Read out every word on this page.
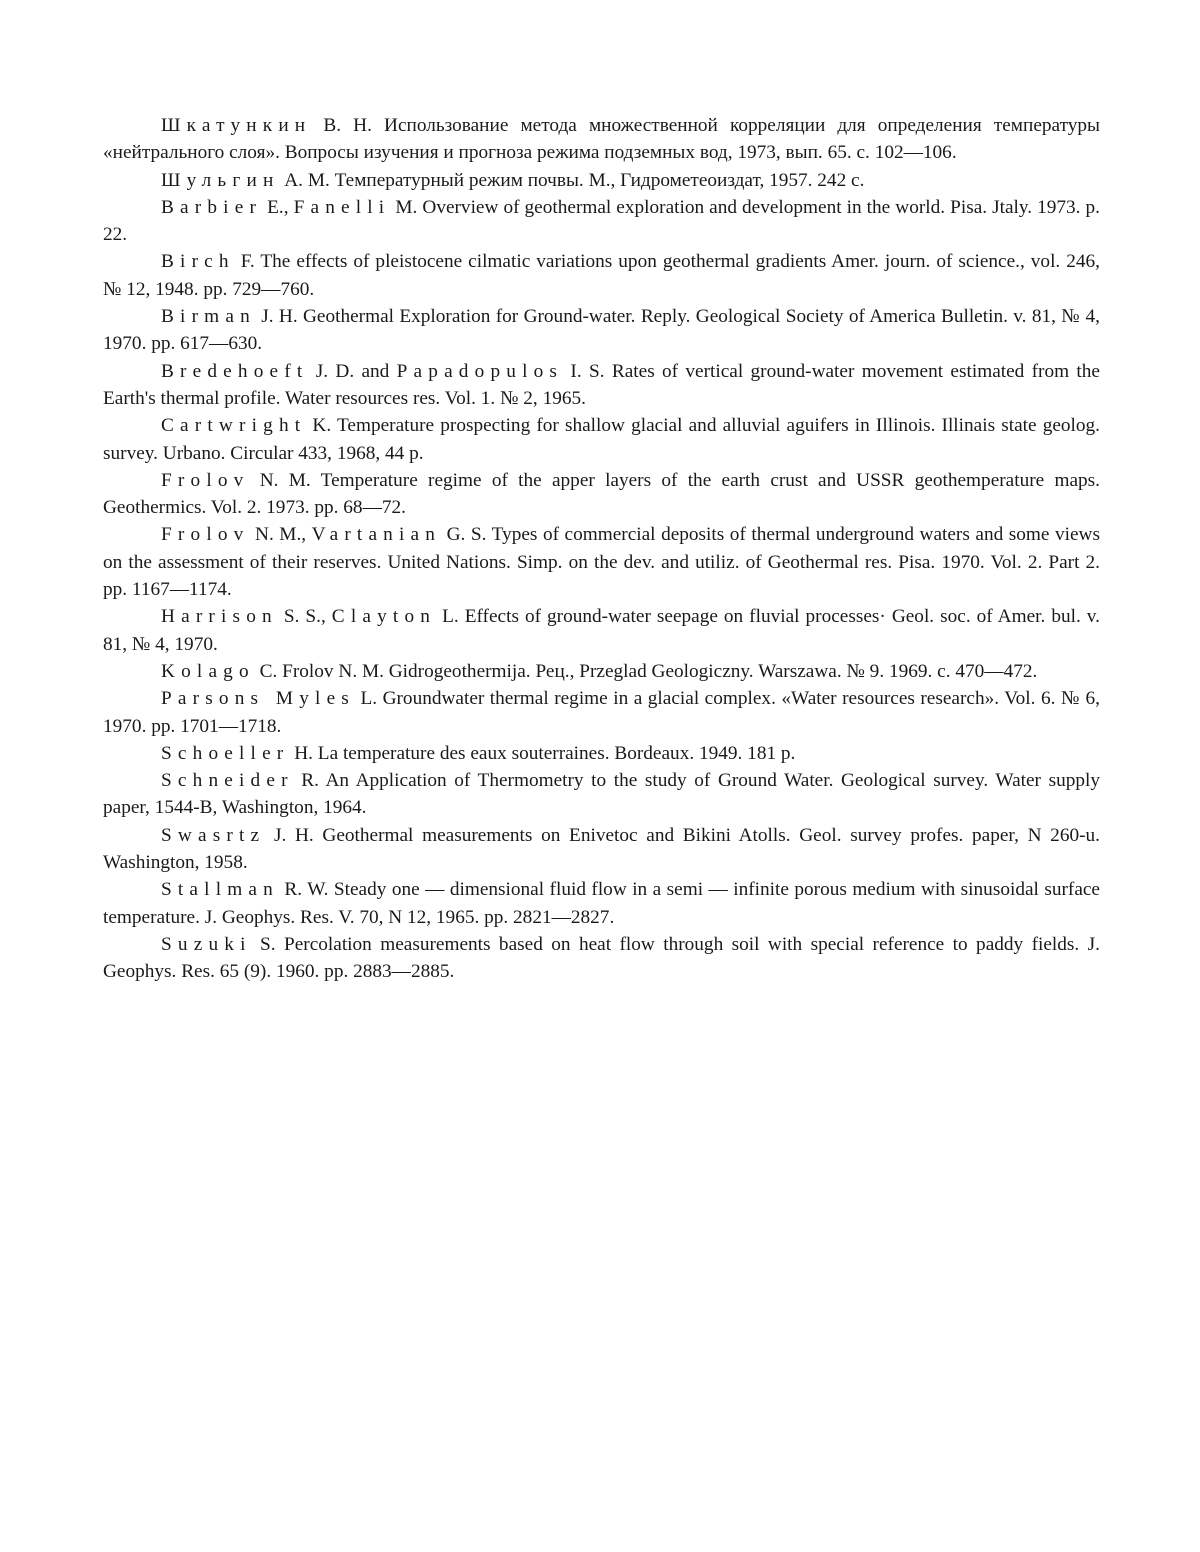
Шкатункин В. Н. Использование метода множественной корреляции для определения температуры «нейтрального слоя». Вопросы изучения и прогноза режима подземных вод, 1973, вып. 65. с. 102—106.

Шульгин А. М. Температурный режим почвы. М., Гидрометеоиздат, 1957. 242 с.

Barbier E., Fanelli M. Overview of geothermal exploration and development in the world. Pisa. Jtaly. 1973. p. 22.

Birch F. The effects of pleistocene cilmatic variations upon geothermal gradients Amer. journ. of science., vol. 246, № 12, 1948. pp. 729—760.

Birman J. H. Geothermal Exploration for Ground-water. Reply. Geological Society of America Bulletin. v. 81, № 4, 1970. pp. 617—630.

Bredehoeft J. D. and Papadopulos I. S. Rates of vertical ground-water movement estimated from the Earth's thermal profile. Water resources res. Vol. 1. № 2, 1965.

Cartwright K. Temperature prospecting for shallow glacial and alluvial aguifers in Illinois. Illinais state geolog. survey. Urbano. Circular 433, 1968, 44 p.

Frolov N. M. Temperature regime of the apper layers of the earth crust and USSR geothemperature maps. Geothermics. Vol. 2. 1973. pp. 68—72.

Frolov N. M., Vartanian G. S. Types of commercial deposits of thermal underground waters and some views on the assessment of their reserves. United Nations. Simp. on the dev. and utiliz. of Geothermal res. Pisa. 1970. Vol. 2. Part 2. pp. 1167—1174.

Harrison S. S., Clayton L. Effects of ground-water seepage on fluvial processes· Geol. soc. of Amer. bul. v. 81, № 4, 1970.

Kolago C. Frolov N. M. Gidrogeothermija. Рец., Przeglad Geologiczny. Warszawa. № 9. 1969. с. 470—472.

Parsons Myles L. Groundwater thermal regime in a glacial complex. «Water resources research». Vol. 6. № 6, 1970. pp. 1701—1718.

Schoeller H. La temperature des eaux souterraines. Bordeaux. 1949. 181 p.

Schneider R. An Application of Thermometry to the study of Ground Water. Geological survey. Water supply paper, 1544-B, Washington, 1964.

Swasrtz J. H. Geothermal measurements on Enivetoc and Bikini Atolls. Geol. survey profes. paper, N 260-u. Washington, 1958.

Stallman R. W. Steady one — dimensional fluid flow in a semi — infinite porous medium with sinusoidal surface temperature. J. Geophys. Res. V. 70, N 12, 1965. pp. 2821—2827.

Suzuki S. Percolation measurements based on heat flow through soil with special reference to paddy fields. J. Geophys. Res. 65 (9). 1960. pp. 2883—2885.
